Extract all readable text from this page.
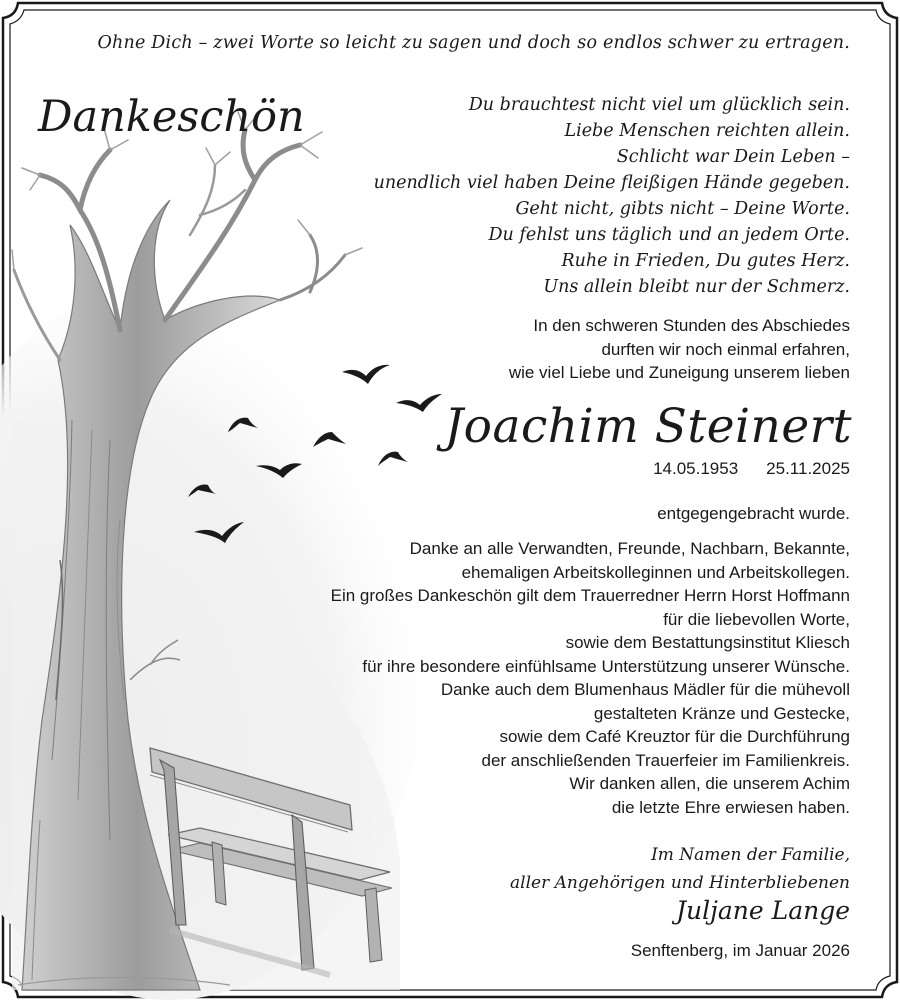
Ohne Dich – zwei Worte so leicht zu sagen und doch so endlos schwer zu ertragen.
Dankeschön	Du brauchtest nicht viel um glücklich sein.
Liebe Menschen reichten allein.
Schlicht war Dein Leben –
unendlich viel haben Deine fleißigen Hände gegeben.
Geht nicht, gibts nicht – Deine Worte.
Du fehlst uns täglich und an jedem Orte.
Ruhe in Frieden, Du gutes Herz.
Uns allein bleibt nur der Schmerz.
In den schweren Stunden des Abschiedes
durften wir noch einmal erfahren,
wie viel Liebe und Zuneigung unserem lieben
Joachim Steinert
14.05.1953 25.11.2025
entgegengebracht wurde.
Danke an alle Verwandten, Freunde, Nachbarn, Bekannte,
ehemaligen Arbeitskolleginnen und Arbeitskollegen.
Ein großes Dankeschön gilt dem Trauerredner Herrn Horst Hoffmann
für die liebevollen Worte,
sowie dem Bestattungsinstitut Kliesch
für ihre besondere einfühlsame Unterstützung unserer Wünsche.
Danke auch dem Blumenhaus Mädler für die mühevoll
gestalteten Kränze und Gestecke,
sowie dem Café Kreuztor für die Durchführung
der anschließenden Trauerfeier im Familienkreis.
Wir danken allen, die unserem Achim
die letzte Ehre erwiesen haben.
Im Namen der Familie,
aller Angehörigen und Hinterbliebenen
Juljane Lange
Senftenberg, im Januar 2026
